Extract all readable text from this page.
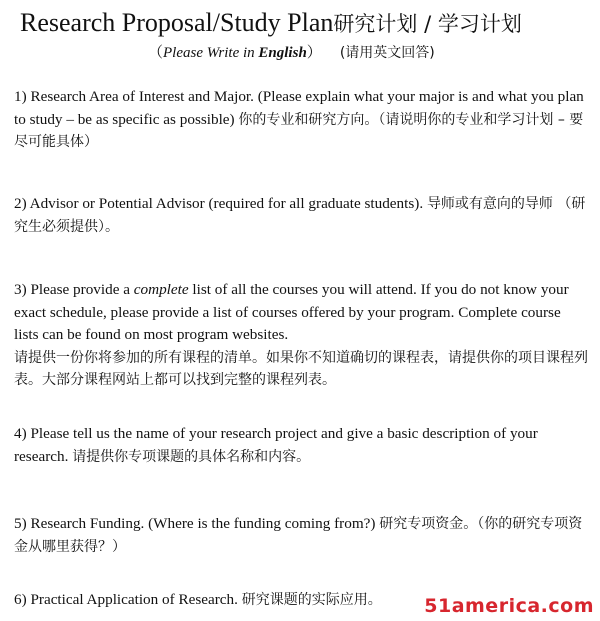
Research Proposal/Study Plan研究计划 / 学习计划
（Please Write in English） (请用英文回答)
1) Research Area of Interest and Major. (Please explain what your major is and what you plan to study – be as specific as possible) 你的专业和研究方向。（请说明你的专业和学习计划 – 要尽可能具体）
2) Advisor or Potential Advisor (required for all graduate students). 导师或有意向的导师 （研究生必须提供）。
3) Please provide a complete list of all the courses you will attend. If you do not know your exact schedule, please provide a list of courses offered by your program. Complete course lists can be found on most program websites.
请提供一份你将参加的所有课程的清单。如果你不知道确切的课程表，请提供你的项目课程列表。大部分课程网站上都可以找到完整的课程列表。
4) Please tell us the name of your research project and give a basic description of your research. 请提供你专项课题的具体名称和内容。
5) Research Funding. (Where is the funding coming from?) 研究专项资金。（你的研究专项资金从哪里获得？）
6) Practical Application of Research. 研究课题的实际应用。	51america.com
